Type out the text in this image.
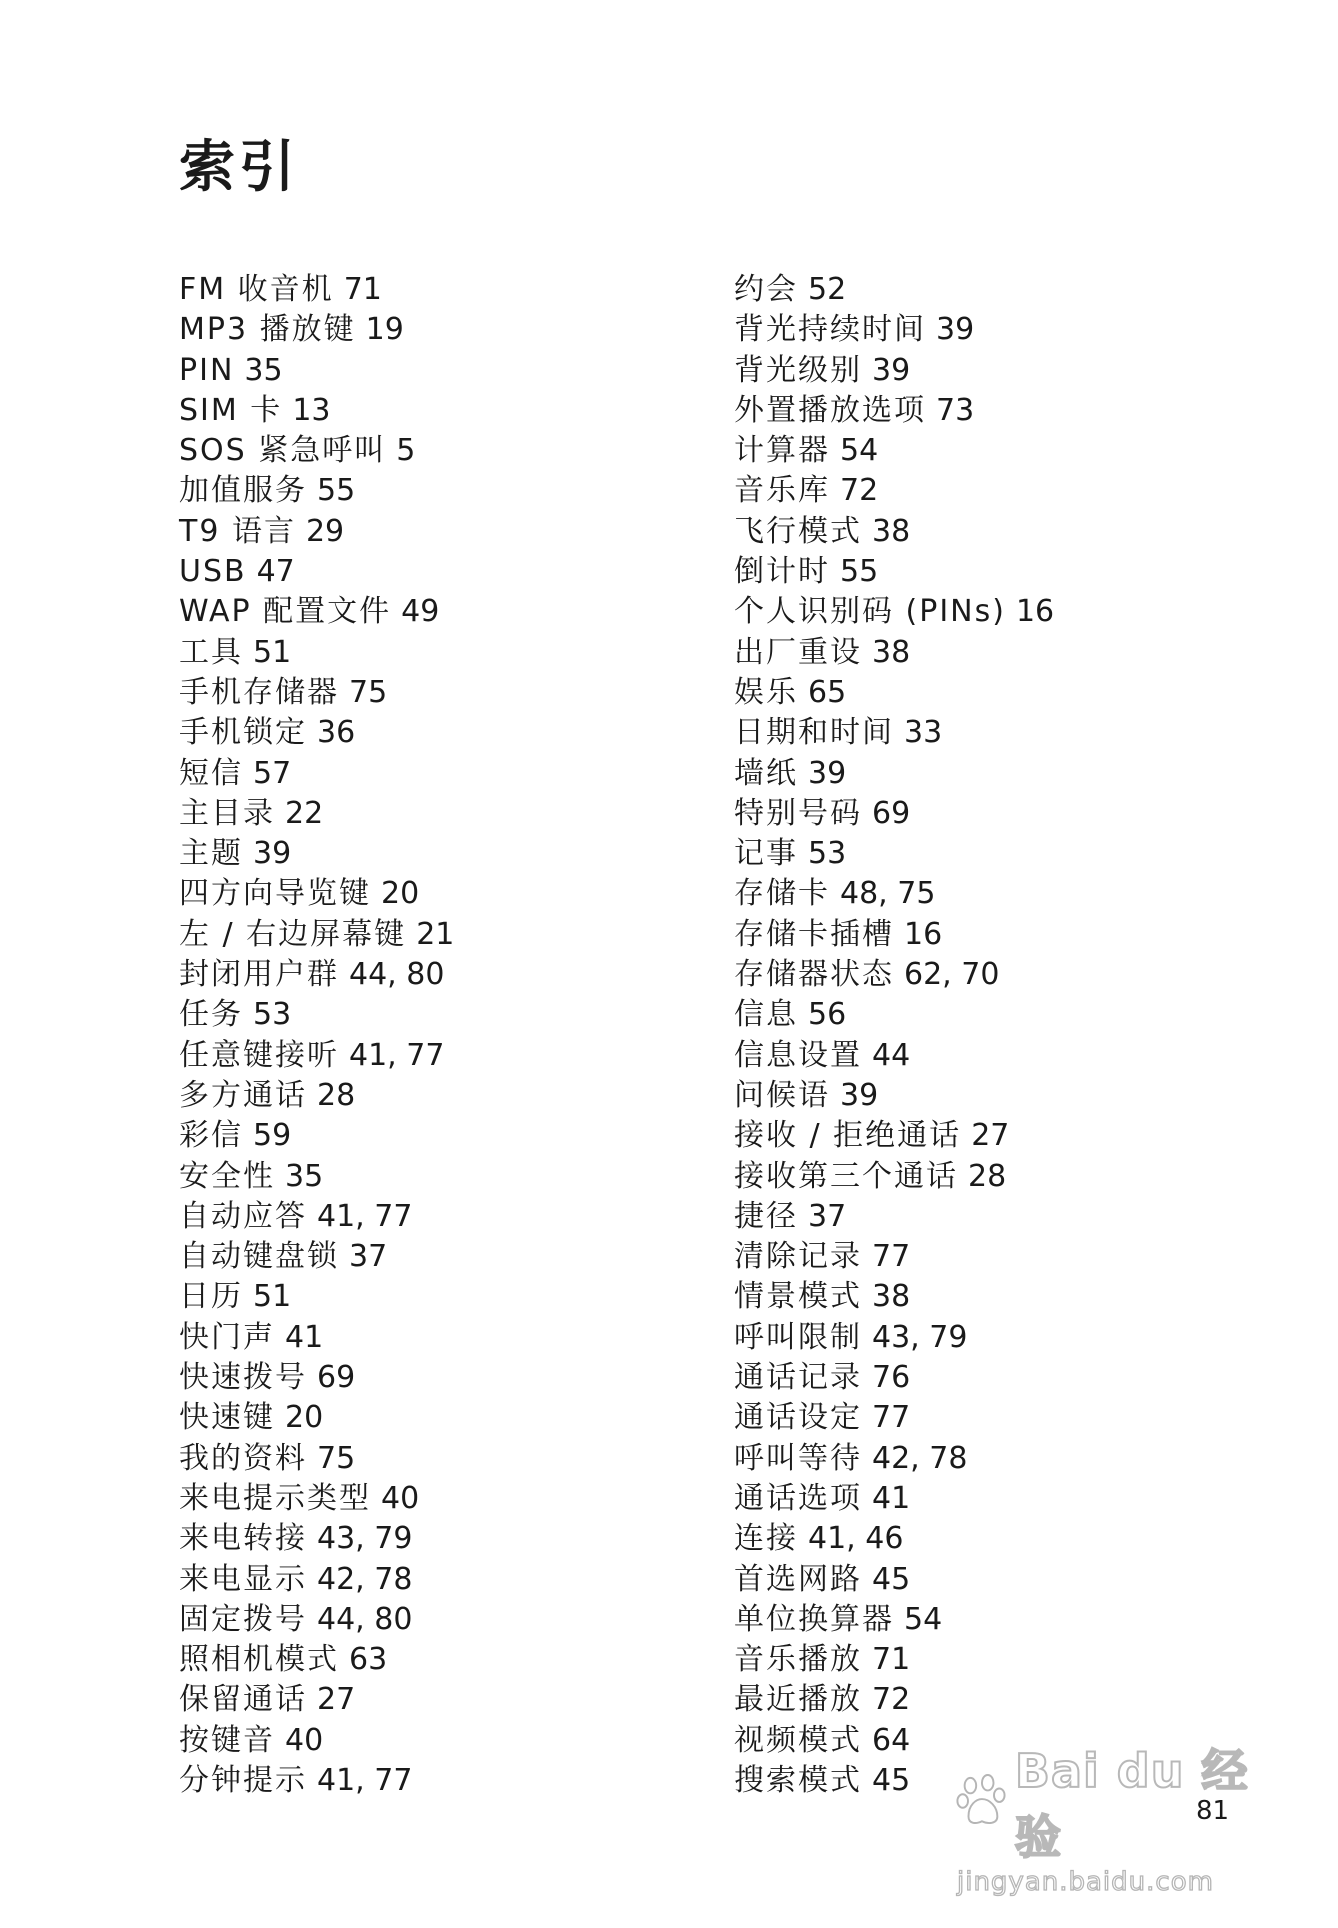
索引
FM 收音机 71
MP3 播放键 19
PIN 35
SIM 卡 13
SOS 紧急呼叫 5
加值服务 55
T9 语言 29
USB 47
WAP 配置文件 49
工具 51
手机存储器 75
手机锁定 36
短信 57
主目录 22
主题 39
四方向导览键 20
左 / 右边屏幕键 21
封闭用户群 44, 80
任务 53
任意键接听 41, 77
多方通话 28
彩信 59
安全性 35
自动应答 41, 77
自动键盘锁 37
日历 51
快门声 41
快速拨号 69
快速键 20
我的资料 75
来电提示类型 40
来电转接 43, 79
来电显示 42, 78
固定拨号 44, 80
照相机模式 63
保留通话 27
按键音 40
分钟提示 41, 77
约会 52
背光持续时间 39
背光级别 39
外置播放选项 73
计算器 54
音乐库 72
飞行模式 38
倒计时 55
个人识别码 (PINs) 16
出厂重设 38
娱乐 65
日期和时间 33
墙纸 39
特别号码 69
记事 53
存储卡 48, 75
存储卡插槽 16
存储器状态 62, 70
信息 56
信息设置 44
问候语 39
接收 / 拒绝通话 27
接收第三个通话 28
捷径 37
清除记录 77
情景模式 38
呼叫限制 43, 79
通话记录 76
通话设定 77
呼叫等待 42, 78
通话选项 41
连接 41, 46
首选网路 45
单位换算器 54
音乐播放 71
最近播放 72
视频模式 64
搜索模式 45	Bai du 经验
jingyan.baidu.com
81
